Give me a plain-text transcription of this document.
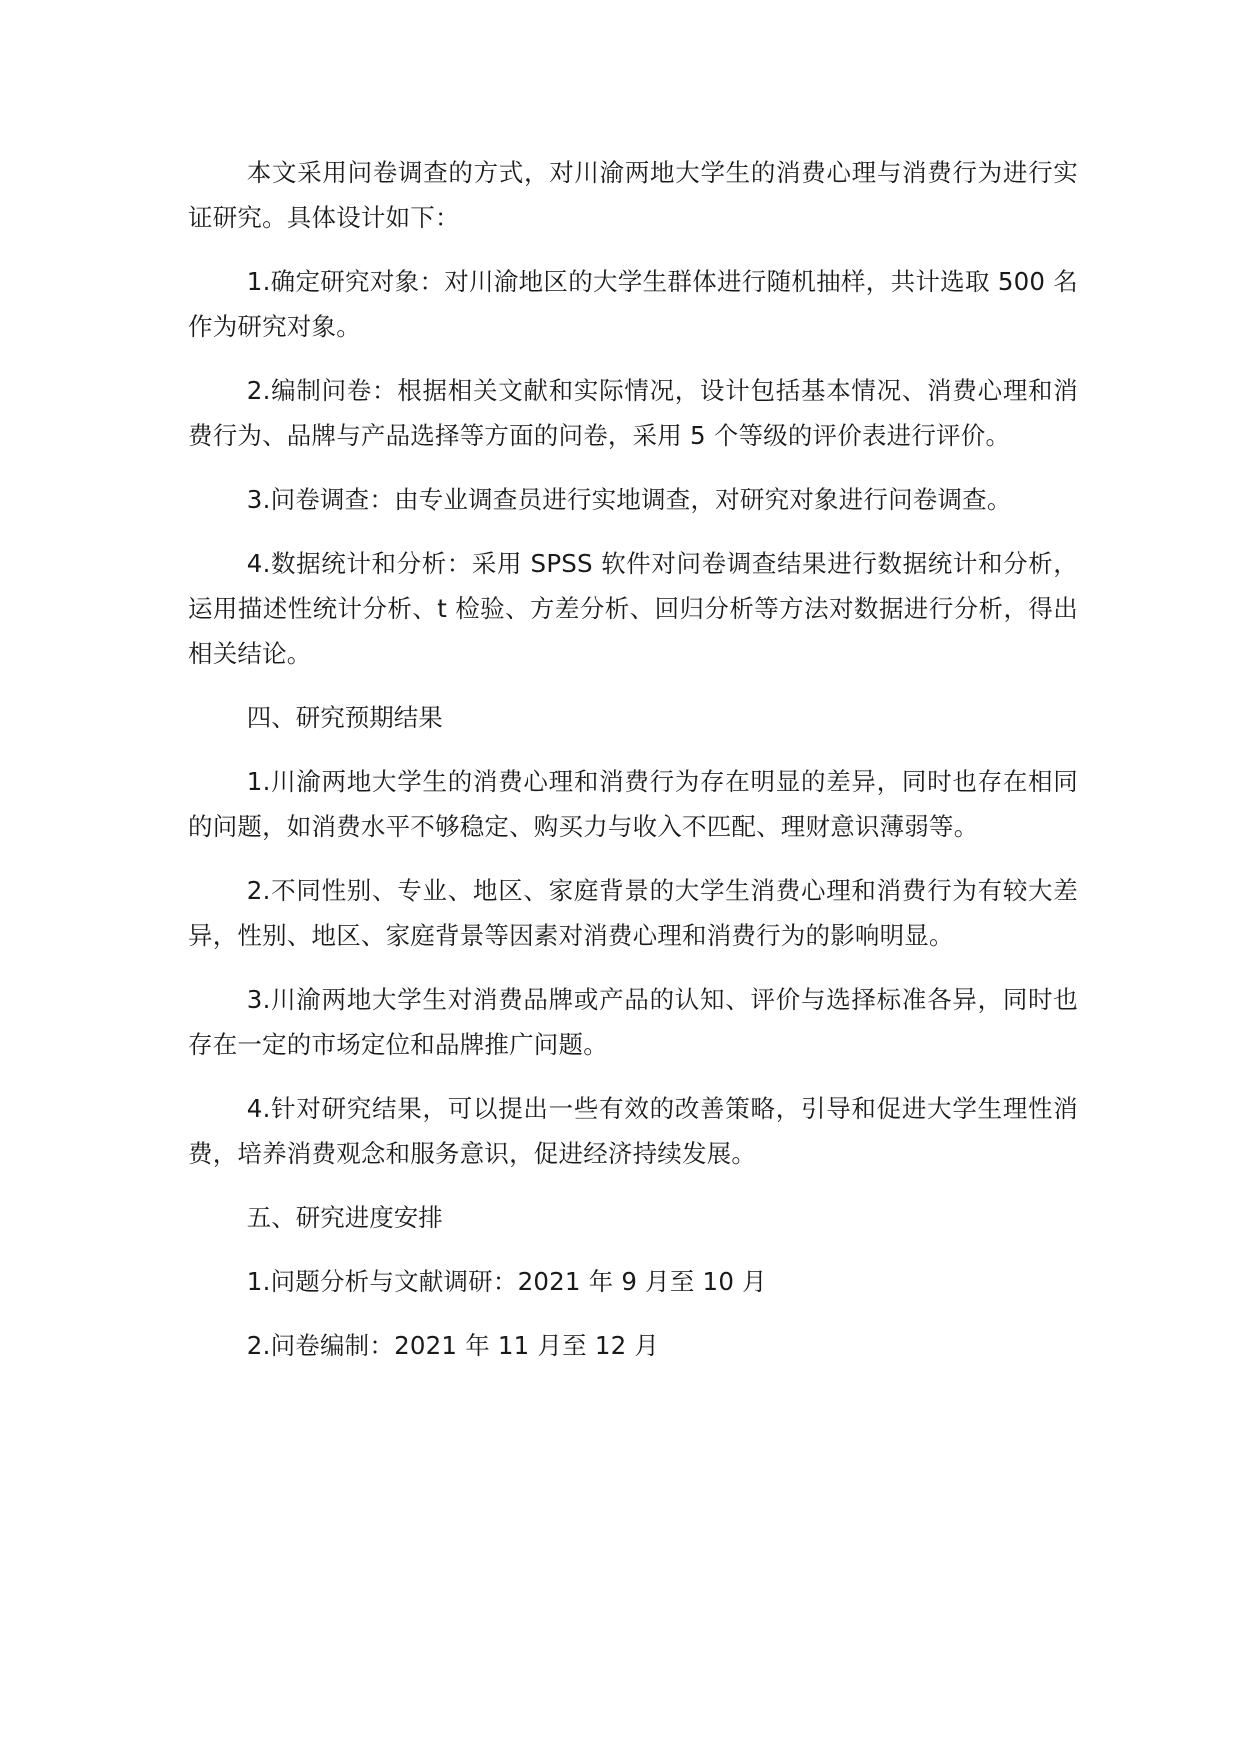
本文采用问卷调查的方式，对川渝两地大学生的消费心理与消费行为进行实证研究。具体设计如下：

1.确定研究对象：对川渝地区的大学生群体进行随机抽样，共计选取 500 名作为研究对象。

2.编制问卷：根据相关文献和实际情况，设计包括基本情况、消费心理和消费行为、品牌与产品选择等方面的问卷，采用 5 个等级的评价表进行评价。

3.问卷调查：由专业调查员进行实地调查，对研究对象进行问卷调查。

4.数据统计和分析：采用 SPSS 软件对问卷调查结果进行数据统计和分析，运用描述性统计分析、t 检验、方差分析、回归分析等方法对数据进行分析，得出相关结论。

四、研究预期结果

1.川渝两地大学生的消费心理和消费行为存在明显的差异，同时也存在相同的问题，如消费水平不够稳定、购买力与收入不匹配、理财意识薄弱等。

2.不同性别、专业、地区、家庭背景的大学生消费心理和消费行为有较大差异，性别、地区、家庭背景等因素对消费心理和消费行为的影响明显。

3.川渝两地大学生对消费品牌或产品的认知、评价与选择标准各异，同时也存在一定的市场定位和品牌推广问题。

4.针对研究结果，可以提出一些有效的改善策略，引导和促进大学生理性消费，培养消费观念和服务意识，促进经济持续发展。

五、研究进度安排

1.问题分析与文献调研：2021 年 9 月至 10 月

2.问卷编制：2021 年 11 月至 12 月
